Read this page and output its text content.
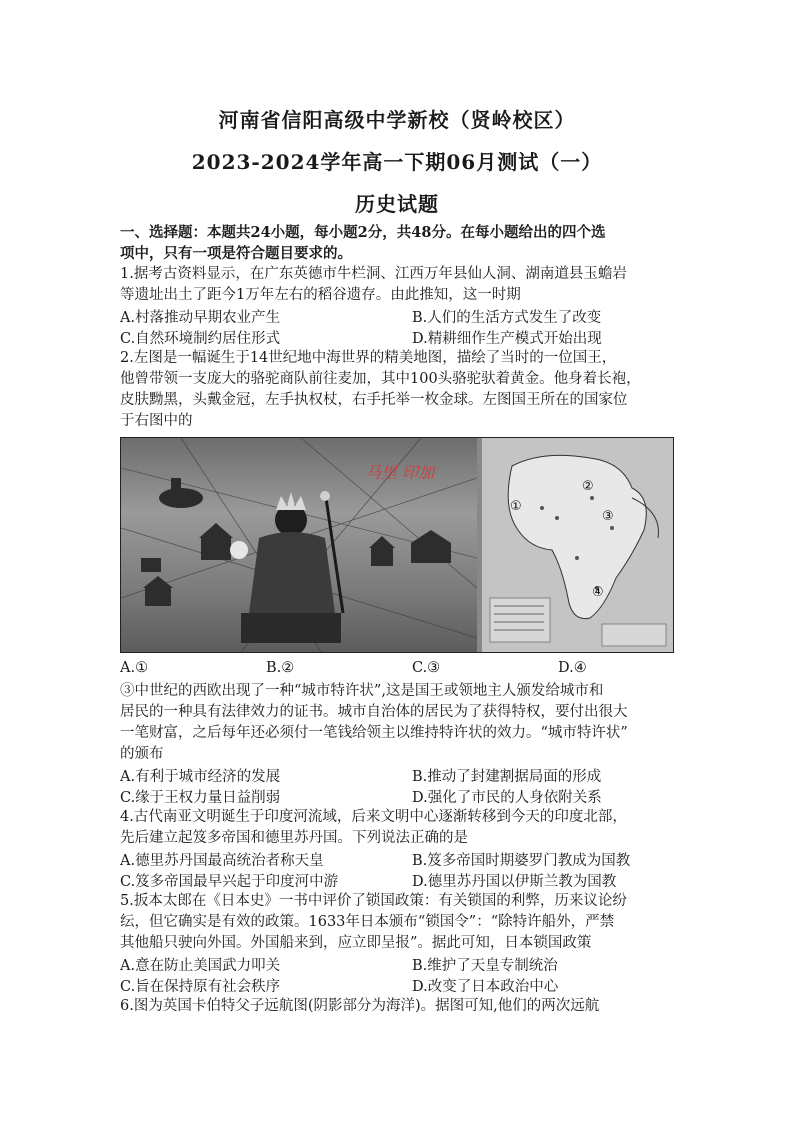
河南省信阳高级中学新校（贤岭校区）
2023-2024学年高一下期06月测试（一）
历史试题
一、选择题：本题共24小题，每小题2分，共48分。在每小题给出的四个选
项中，只有一项是符合题目要求的。
1.据考古资料显示，在广东英德市牛栏洞、江西万年县仙人洞、湖南道县玉蟾岩
等遗址出土了距今1万年左右的稻谷遗存。由此推知，这一时期
A.村落推动早期农业产生	B.人们的生活方式发生了改变
C.自然环境制约居住形式	D.精耕细作生产模式开始出现
2.左图是一幅诞生于14世纪地中海世界的精美地图，描绘了当时的一位国王，
他曾带领一支庞大的骆驼商队前往麦加，其中100头骆驼驮着黄金。他身着长袍，
皮肤黝黑，头戴金冠，左手执权杖，右手托举一枚金球。左图国王所在的国家位
于右图中的
①
②
③
④
马里 印加
A.①	B.②	C.③	D.④
③中世纪的西欧出现了一种“城市特许状”,这是国王或领地主人颁发给城市和
居民的一种具有法律效力的证书。城市自治体的居民为了获得特权，要付出很大
一笔财富，之后每年还必须付一笔钱给领主以维持特许状的效力。“城市特许状”
的颁布
A.有利于城市经济的发展	B.推动了封建割据局面的形成
C.缘于王权力量日益削弱	D.强化了市民的人身依附关系
4.古代南亚文明诞生于印度河流域，后来文明中心逐渐转移到今天的印度北部，
先后建立起笈多帝国和德里苏丹国。下列说法正确的是
A.德里苏丹国最高统治者称天皇	B.笈多帝国时期婆罗门教成为国教
C.笈多帝国最早兴起于印度河中游	D.德里苏丹国以伊斯兰教为国教
5.扳本太郎在《日本史》一书中评价了锁国政策：有关锁国的利弊，历来议论纷
纭，但它确实是有效的政策。1633年日本颁布“锁国令”：“除特许船外，严禁
其他船只驶向外国。外国船来到，应立即呈报”。据此可知，日本锁国政策
A.意在防止美国武力叩关	B.维护了天皇专制统治
C.旨在保持原有社会秩序	D.改变了日本政治中心
6.图为英国卡伯特父子远航图(阴影部分为海洋)。据图可知,他们的两次远航
